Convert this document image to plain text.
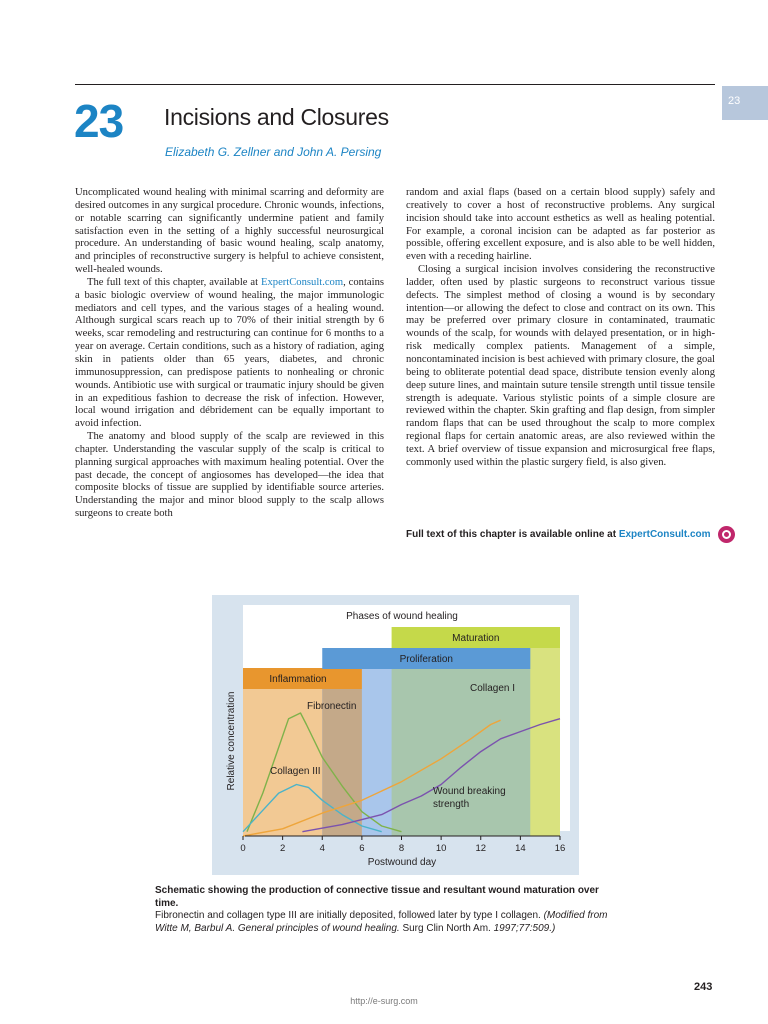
23
23 Incisions and Closures
Elizabeth G. Zellner and John A. Persing

Uncomplicated wound healing with minimal scarring and deformity are desired outcomes in any surgical procedure. Chronic wounds, infections, or notable scarring can significantly undermine patient and family satisfaction even in the setting of a highly successful neurosurgical procedure. An understanding of basic wound healing, scalp anatomy, and principles of reconstructive surgery is helpful to achieve consistent, well-healed wounds.

The full text of this chapter, available at ExpertConsult.com, contains a basic biologic overview of wound healing, the major immunologic mediators and cell types, and the various stages of a healing wound. Although surgical scars reach up to 70% of their initial strength by 6 weeks, scar remodeling and restructuring can continue for 6 months to a year on average. Certain conditions, such as a history of radiation, aging skin in patients older than 65 years, diabetes, and chronic immunosuppression, can predispose patients to nonhealing or chronic wounds. Antibiotic use with surgical or traumatic injury should be given in an expeditious fashion to decrease the risk of infection. However, local wound irrigation and débridement can be equally important to avoid infection.

The anatomy and blood supply of the scalp are reviewed in this chapter. Understanding the vascular supply of the scalp is critical to planning surgical approaches with maximum healing potential. Over the past decade, the concept of angiosomes has developed—the idea that composite blocks of tissue are supplied by identifiable source arteries. Understanding the major and minor blood supply to the scalp allows surgeons to create both

random and axial flaps (based on a certain blood supply) safely and creatively to cover a host of reconstructive problems. Any surgical incision should take into account esthetics as well as healing potential. For example, a coronal incision can be adapted as far posterior as possible, offering excellent exposure, and is also able to be well hidden, even with a receding hairline.

Closing a surgical incision involves considering the reconstructive ladder, often used by plastic surgeons to reconstruct various tissue defects. The simplest method of closing a wound is by secondary intention—or allowing the defect to close and contract on its own. This may be preferred over primary closure in contaminated, traumatic wounds of the scalp, for wounds with delayed presentation, or in high-risk medically complex patients. Management of a simple, noncontaminated incision is best achieved with primary closure, the goal being to obliterate potential dead space, distribute tension evenly along deep suture lines, and maintain suture tensile strength until tissue tensile strength is adequate. Various stylistic points of a simple closure are reviewed within the chapter. Skin grafting and flap design, from simpler random flaps that can be used throughout the scalp to more complex regional flaps for certain anatomic areas, are also reviewed within the text. A brief overview of tissue expansion and microsurgical free flaps, commonly used within the plastic surgery field, is also given.

Full text of this chapter is available online at ExpertConsult.com
Inflammation
Proliferation
Maturation
0	2	4	6	8	10	12	14	16
Phases of wound healing
Postwound day
Relative concentration	Fibronectin
Collagen III
Collagen I
Wound breaking strength
Schematic showing the production of connective tissue and resultant wound maturation over time.
Fibronectin and collagen type III are initially deposited, followed later by type I collagen. (Modified from Witte M, Barbul A. General principles of wound healing. Surg Clin North Am. 1997;77:509.)
243
http://e-surg.com
